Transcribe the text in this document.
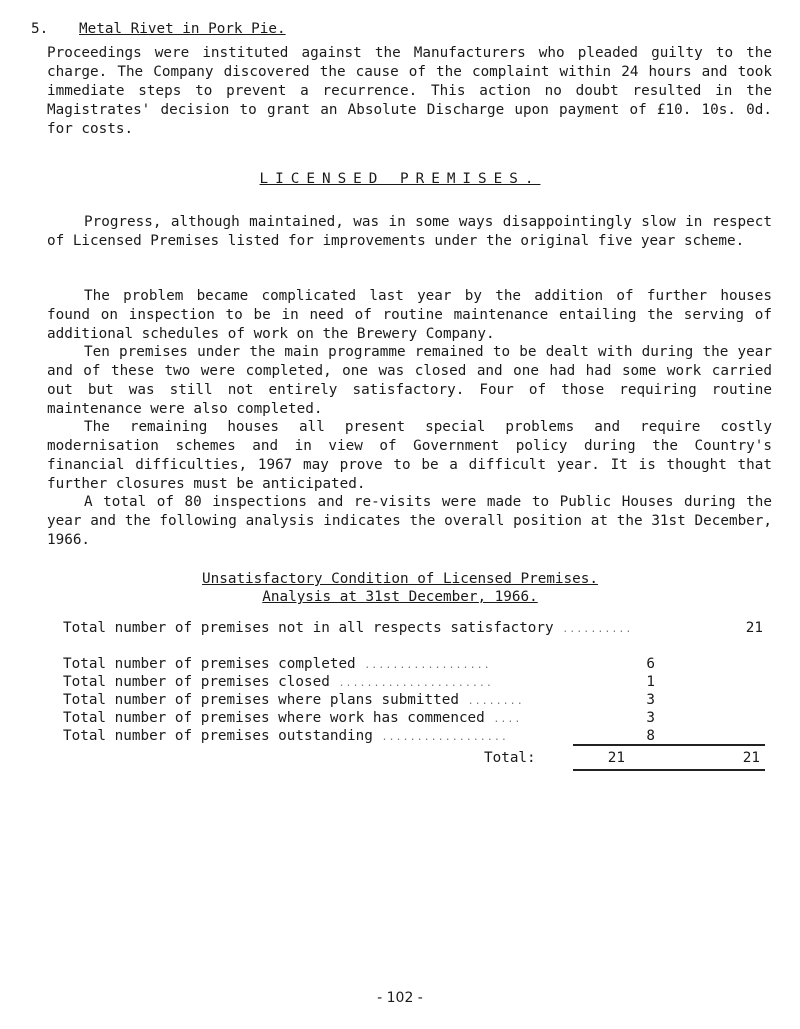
5. Metal Rivet in Pork Pie.

Proceedings were instituted against the Manufacturers who pleaded guilty to the charge. The Company discovered the cause of the complaint within 24 hours and took immediate steps to prevent a recurrence. This action no doubt resulted in the Magistrates' decision to grant an Absolute Discharge upon payment of £10. 10s. 0d. for costs.

LICENSED PREMISES.

Progress, although maintained, was in some ways disappointingly slow in respect of Licensed Premises listed for improvements under the original five year scheme.

The problem became complicated last year by the addition of further houses found on inspection to be in need of routine maintenance entailing the serving of additional schedules of work on the Brewery Company.

Ten premises under the main programme remained to be dealt with during the year and of these two were completed, one was closed and one had had some work carried out but was still not entirely satisfactory. Four of those requiring routine maintenance were also completed.

The remaining houses all present special problems and require costly modernisation schemes and in view of Government policy during the Country's financial difficulties, 1967 may prove to be a difficult year. It is thought that further closures must be anticipated.

A total of 80 inspections and re-visits were made to Public Houses during the year and the following analysis indicates the overall position at the 31st December, 1966.

Unsatisfactory Condition of Licensed Premises.
Analysis at 31st December, 1966.
Total number of premises not in all respects satisfactory ..........	21
Total number of premises completed ..................	6
Total number of premises closed ......................	1
Total number of premises where plans submitted ........	3
Total number of premises where work has commenced ....	3
Total number of premises outstanding ..................	8
Total:	21	21
- 102 -
